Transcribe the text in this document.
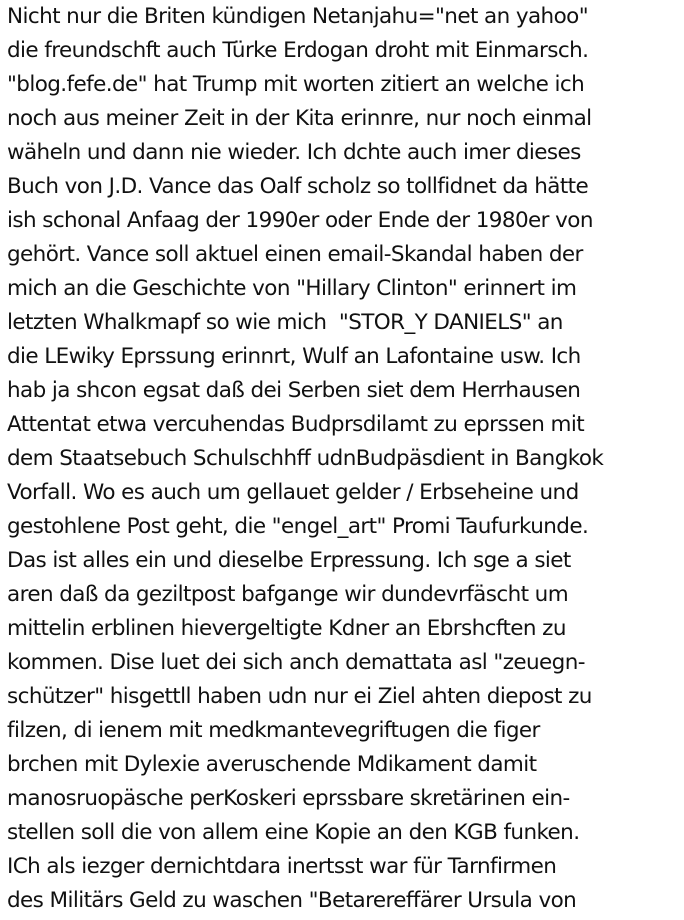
Nicht nur die Briten kündigen Netanjahu="net an yahoo"
die freundschft auch Türke Erdogan droht mit Einmarsch.
"blog.fefe.de" hat Trump mit worten zitiert an welche ich
noch aus meiner Zeit in der Kita erinnre, nur noch einmal
wäheln und dann nie wieder. Ich dchte auch imer dieses
Buch von J.D. Vance das Oalf scholz so tollfidnet da hätte
ish schonal Anfaag der 1990er oder Ende der 1980er von
gehört. Vance soll aktuel einen email-Skandal haben der
mich an die Geschichte von "Hillary Clinton" erinnert im
letzten Whalkmapf so wie mich  "STOR_Y DANIELS" an
die LEwiky Eprssung erinnrt, Wulf an Lafontaine usw. Ich
hab ja shcon egsat daß dei Serben siet dem Herrhausen
Attentat etwa vercuhendas Budprsdilamt zu eprssen mit
dem Staatsebuch Schulschhff udnBudpäsdient in Bangkok
Vorfall. Wo es auch um gellauet gelder / Erbseheine und
gestohlene Post geht, die "engel_art" Promi Taufurkunde.
Das ist alles ein und dieselbe Erpressung. Ich sge a siet
aren daß da geziltpost bafgange wir dundevrfäscht um
mittelin erblinen hievergeltigte Kdner an Ebrshcften zu
kommen. Dise luet dei sich anch demattata asl "zeuegn-
schützer" hisgettll haben udn nur ei Ziel ahten diepost zu
filzen, di ienem mit medkmantevegriftugen die figer
brchen mit Dylexie averuschende Mdikament damit
manosruopäsche perKoskeri eprssbare skretärinen ein-
stellen soll die von allem eine Kopie an den KGB funken.
ICh als iezger dernichtdara inertsst war für Tarnfirmen
des Militärs Geld zu waschen "Betarereffärer Ursula von
